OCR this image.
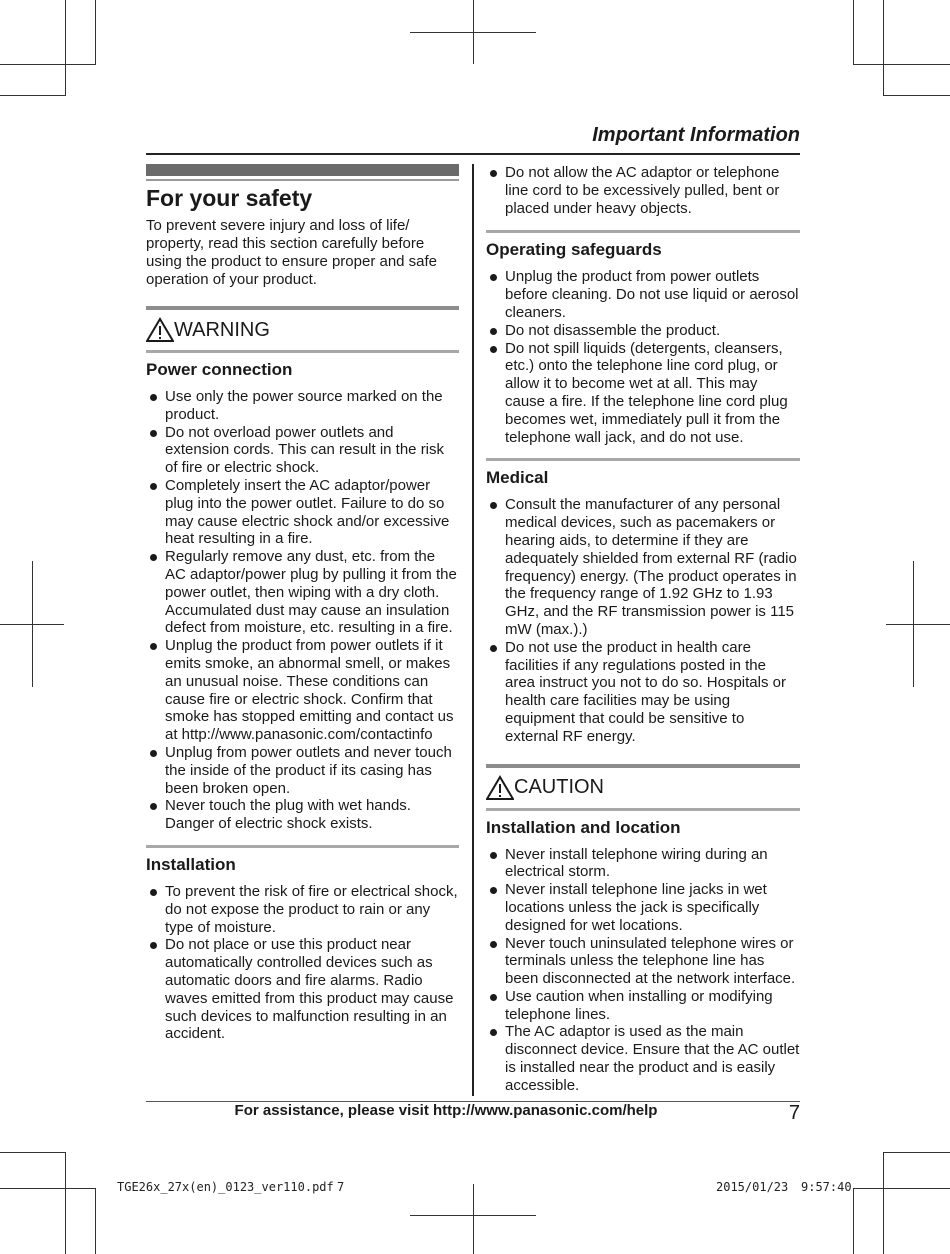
Important Information
For your safety

To prevent severe injury and loss of life/ property, read this section carefully before using the product to ensure proper and safe operation of your product.

WARNING
Power connection
Use only the power source marked on the product.
Do not overload power outlets and extension cords. This can result in the risk of fire or electric shock.
Completely insert the AC adaptor/power plug into the power outlet. Failure to do so may cause electric shock and/or excessive heat resulting in a fire.
Regularly remove any dust, etc. from the AC adaptor/power plug by pulling it from the power outlet, then wiping with a dry cloth. Accumulated dust may cause an insulation defect from moisture, etc. resulting in a fire.
Unplug the product from power outlets if it emits smoke, an abnormal smell, or makes an unusual noise. These conditions can cause fire or electric shock. Confirm that smoke has stopped emitting and contact us at http://www.panasonic.com/contactinfo
Unplug from power outlets and never touch the inside of the product if its casing has been broken open.
Never touch the plug with wet hands. Danger of electric shock exists.
Installation
To prevent the risk of fire or electrical shock, do not expose the product to rain or any type of moisture.
Do not place or use this product near automatically controlled devices such as automatic doors and fire alarms. Radio waves emitted from this product may cause such devices to malfunction resulting in an accident.
Do not allow the AC adaptor or telephone line cord to be excessively pulled, bent or placed under heavy objects.
Operating safeguards
Unplug the product from power outlets before cleaning. Do not use liquid or aerosol cleaners.
Do not disassemble the product.
Do not spill liquids (detergents, cleansers, etc.) onto the telephone line cord plug, or allow it to become wet at all. This may cause a fire. If the telephone line cord plug becomes wet, immediately pull it from the telephone wall jack, and do not use.
Medical
Consult the manufacturer of any personal medical devices, such as pacemakers or hearing aids, to determine if they are adequately shielded from external RF (radio frequency) energy. (The product operates in the frequency range of 1.92 GHz to 1.93 GHz, and the RF transmission power is 115 mW (max.).)
Do not use the product in health care facilities if any regulations posted in the area instruct you not to do so. Hospitals or health care facilities may be using equipment that could be sensitive to external RF energy.
CAUTION
Installation and location
Never install telephone wiring during an electrical storm.
Never install telephone line jacks in wet locations unless the jack is specifically designed for wet locations.
Never touch uninsulated telephone wires or terminals unless the telephone line has been disconnected at the network interface.
Use caution when installing or modifying telephone lines.
The AC adaptor is used as the main disconnect device. Ensure that the AC outlet is installed near the product and is easily accessible.
For assistance, please visit http://www.panasonic.com/help	7
TGE26x_27x(en)_0123_ver110.pdf 7	2015/01/23 9:57:40
